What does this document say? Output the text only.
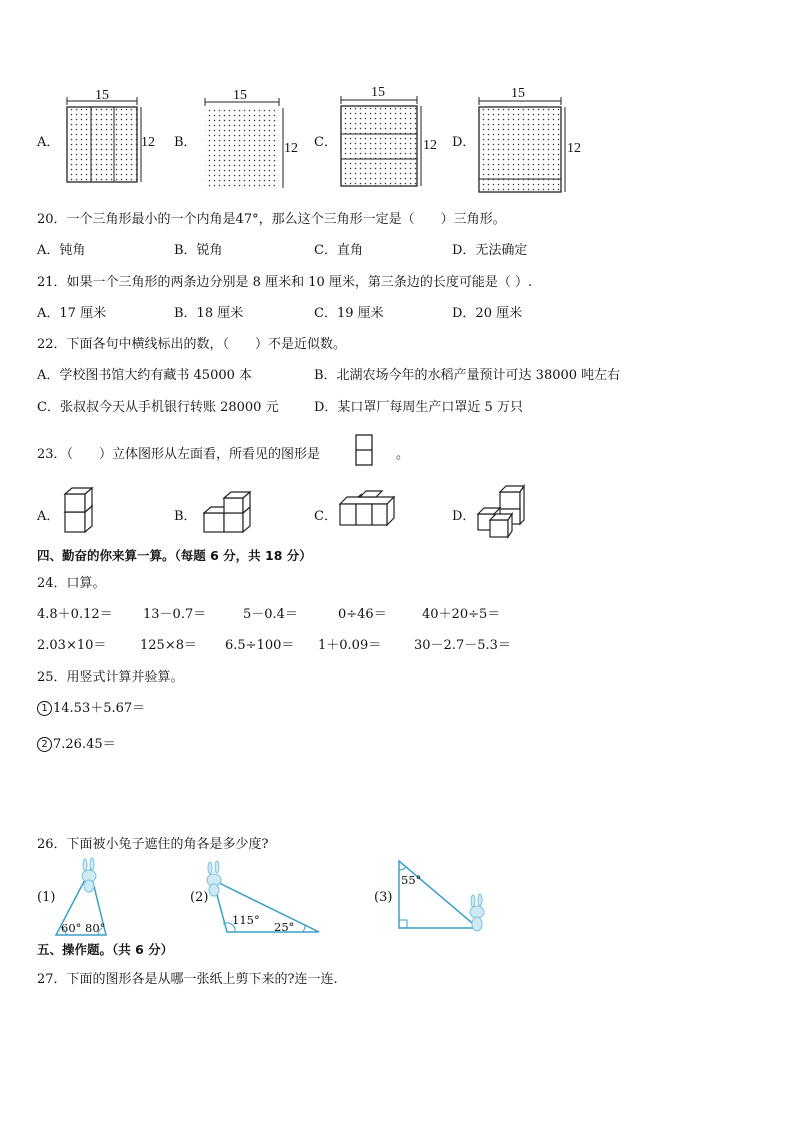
A．	B．	C．	D．
15
12
15
12
15
12
15
12
20．一个三角形最小的一个内角是47°，那么这个三角形一定是（　　）三角形。
A．钝角	B．锐角	C．直角	D．无法确定
21．如果一个三角形的两条边分别是 8 厘米和 10 厘米，第三条边的长度可能是（ ）.
A．17 厘米	B．18 厘米	C．19 厘米	D．20 厘米
22．下面各句中横线标出的数，（　　）不是近似数。
A．学校图书馆大约有藏书 45000 本	B．北湖农场今年的水稻产量预计可达 38000 吨左右
C．张叔叔今天从手机银行转账 28000 元	D．某口罩厂每周生产口罩近 5 万只
23．（　　）立体图形从左面看，所看见的图形是	。
A．	B．	C．	D．
四、勤奋的你来算一算。（每题 6 分，共 18 分）
24．口算。
4.8＋0.12＝ 13－0.7＝	5－0.4＝	0÷46＝	40＋20÷5＝
2.03×10＝	125×8＝ 6.5÷100＝ 1＋0.09＝	30－2.7－5.3＝
25．用竖式计算并验算。
1 14.53＋5.67＝
2 7.26.45＝
26．下面被小兔子遮住的角各是多少度?
(1)
60° 80°
(2)
115° 25°
(3)
55°
五、操作题。（共 6 分）
27．下面的图形各是从哪一张纸上剪下来的?连一连.
